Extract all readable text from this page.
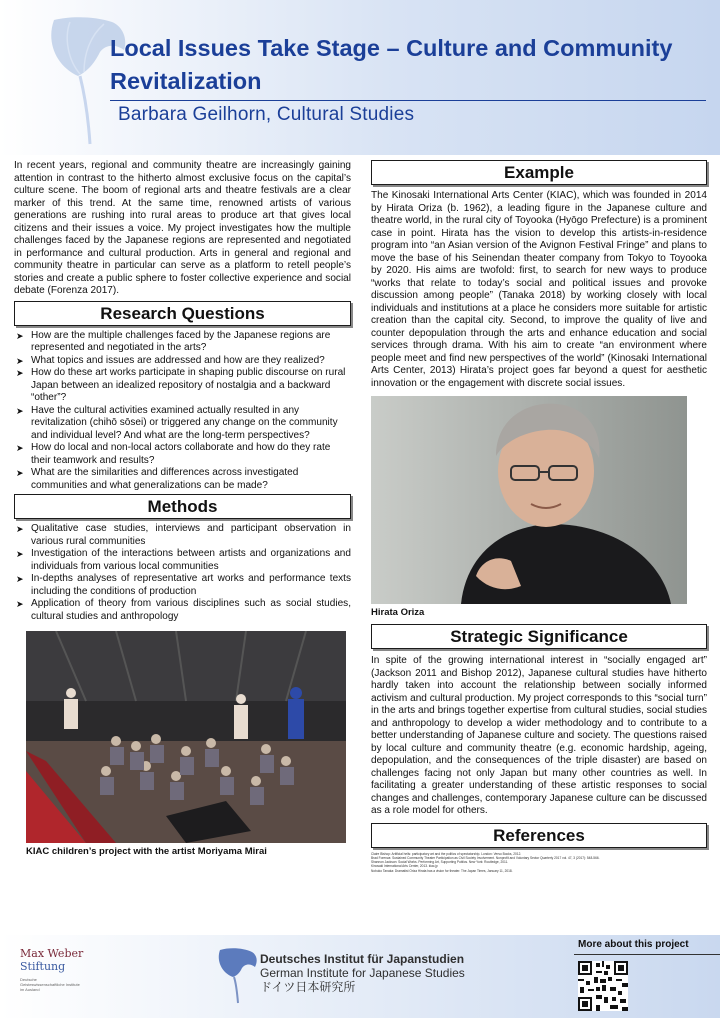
Local Issues Take Stage – Culture and Community Revitalization
Barbara Geilhorn, Cultural Studies

In recent years, regional and community theatre are increasingly gaining attention in contrast to the hitherto almost exclusive focus on the capital’s culture scene. The boom of regional arts and theatre festivals are a clear marker of this trend. At the same time, renowned artists of various generations are rushing into rural areas to produce art that gives local citizens and their issues a voice. My project investigates how the multiple challenges faced by the Japanese regions are represented and negotiated in performance and cultural production. Arts in general and regional and community theatre in particular can serve as a platform to retell people’s stories and create a public sphere to foster collective experience and social debate (Forenza 2017).

Research Questions
➤ How are the multiple challenges faced by the Japanese regions are represented and negotiated in the arts?
➤ What topics and issues are addressed and how are they realized?
➤ How do these art works participate in shaping public discourse on rural Japan between an idealized repository of nostalgia and a backward “other”?
➤ Have the cultural activities examined actually resulted in any revitalization (chihō sōsei) or triggered any change on the community and individual level? And what are the long-term perspectives?
➤ How do local and non-local actors collaborate and how do they rate their teamwork and results?
➤ What are the similarities and differences across investigated communities and what generalizations can be made?
Methods
➤ Qualitative case studies, interviews and participant observation in various rural communities
➤ Investigation of the interactions between artists and organizations and individuals from various local communities
➤ In-depths analyses of representative art works and performance texts including the conditions of production
➤ Application of theory from various disciplines such as social studies, cultural studies and anthropology
KIAC children’s project with the artist Moriyama Mirai
Example

The Kinosaki International Arts Center (KIAC), which was founded in 2014 by Hirata Oriza (b. 1962), a leading figure in the Japanese culture and theatre world, in the rural city of Toyooka (Hyōgo Prefecture) is a prominent case in point. Hirata has the vision to develop this artists-in-residence program into “an Asian version of the Avignon Festival Fringe” and plans to move the base of his Seinendan theater company from Tokyo to Toyooka by 2020. His aims are twofold: first, to search for new ways to produce “works that relate to today’s social and political issues and provoke discussion among people” (Tanaka 2018) by working closely with local individuals and institutions at a place he considers more suitable for artistic creation than the capital city. Second, to improve the quality of live and counter depopulation through the arts and enhance education and social services through drama. With his aim to create “an environment where people meet and find new perspectives of the world” (Kinosaki International Arts Center, 2013) Hirata’s project goes far beyond a quest for aesthetic innovation or the engagement with discrete social issues.

Hirata Oriza
Strategic Significance

In spite of the growing international interest in “socially engaged art” (Jackson 2011 and Bishop 2012), Japanese cultural studies have hitherto hardly taken into account the relationship between socially informed activism and cultural production. My project corresponds to this “social turn” in the arts and brings together expertise from cultural studies, social studies and anthropology to develop a wider methodology and to contribute to a better understanding of Japanese culture and society. The questions raised by local culture and community theatre (e.g. economic hardship, ageing, depopulation, and the consequences of the triple disaster) are based on challenges facing not only Japan but many other countries as well. In facilitating a greater understanding of these artistic responses to social changes and challenges, contemporary Japanese culture can be discussed as a role model for others.

References
Claire Bishop: Artificial hells: participatory art and the politics of spectatorship. London: Verso Books, 2012.
Brad Forenza: Sustained Community Theater Participation as Civil Society Involvement. Nonprofit and Voluntary Sector Quarterly 2017 vol. 47, 3 (2017): 548-566.
Shannon Jackson: Social Works. Performing Art, Supporting Publics. New York: Routledge, 2011.
Kinosaki International Arts Center, 2013. kiac.jp
Nobuko Tanaka: Dramatist Oriza Hirata has a vision for theater. The Japan Times, January 11, 2018.
Max Weber
Stiftung
Deutsche Geisteswissenschaftliche Institute im Ausland
Deutsches Institut für Japanstudien
German Institute for Japanese Studies
ドイツ日本研究所
More about this project
